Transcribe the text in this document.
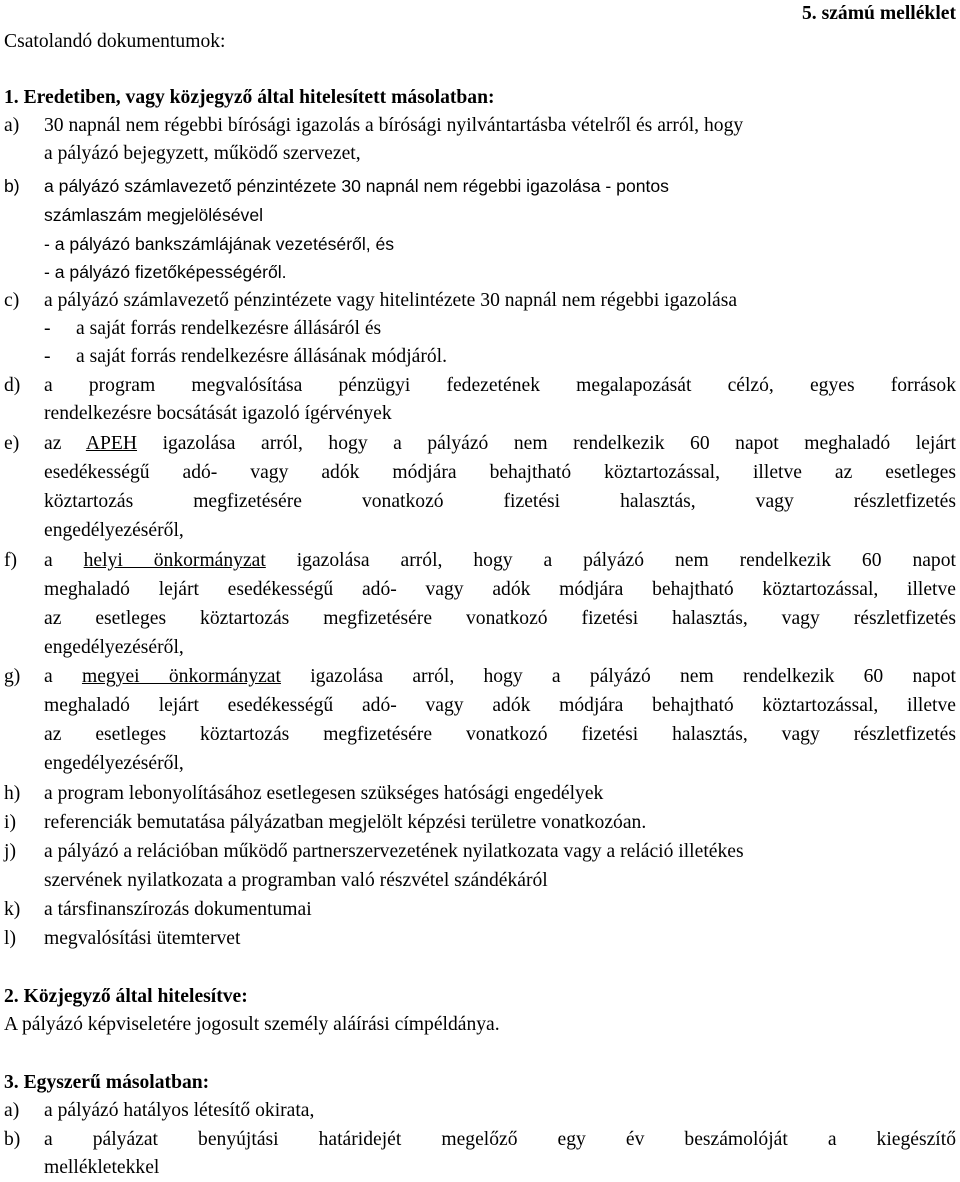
Csatolandó dokumentumok:
5. számú melléklet
1. Eredetiben, vagy közjegyző által hitelesített másolatban:
a) 30 napnál nem régebbi bírósági igazolás a bírósági nyilvántartásba vételről és arról, hogy
a pályázó bejegyzett, működő szervezet,
b) a pályázó számlavezető pénzintézete 30 napnál nem régebbi igazolása - pontos
számlaszám megjelölésével
- a pályázó bankszámlájának vezetéséről, és
- a pályázó fizetőképességéről.
c) a pályázó számlavezető pénzintézete vagy hitelintézete 30 napnál nem régebbi igazolása
- a saját forrás rendelkezésre állásáról és
- a saját forrás rendelkezésre állásának módjáról.
d)	a program megvalósítása pénzügyi fedezetének megalapozását célzó, egyes források
rendelkezésre bocsátását igazoló ígérvények
e)	az APEH igazolása arról, hogy a pályázó nem rendelkezik 60 napot meghaladó lejárt
esedékességű adó- vagy adók módjára behajtható köztartozással, illetve az esetleges
köztartozás megfizetésére vonatkozó fizetési halasztás, vagy részletfizetés
engedélyezéséről,
f)	a helyi önkormányzat igazolása arról, hogy a pályázó nem rendelkezik 60 napot
meghaladó lejárt esedékességű adó- vagy adók módjára behajtható köztartozással, illetve
az esetleges köztartozás megfizetésére vonatkozó fizetési halasztás, vagy részletfizetés
engedélyezéséről,
g)	a megyei önkormányzat igazolása arról, hogy a pályázó nem rendelkezik 60 napot
meghaladó lejárt esedékességű adó- vagy adók módjára behajtható köztartozással, illetve
az esetleges köztartozás megfizetésére vonatkozó fizetési halasztás, vagy részletfizetés
engedélyezéséről,
h) a program lebonyolításához esetlegesen szükséges hatósági engedélyek
i) referenciák bemutatása pályázatban megjelölt képzési területre vonatkozóan.
j) a pályázó a relációban működő partnerszervezetének nyilatkozata vagy a reláció illetékes
szervének nyilatkozata a programban való részvétel szándékáról
k) a társfinanszírozás dokumentumai
l) megvalósítási ütemtervet
2. Közjegyző által hitelesítve:
A pályázó képviseletére jogosult személy aláírási címpéldánya.
3. Egyszerű másolatban:
a) a pályázó hatályos létesítő okirata,
b)	a pályázat benyújtási határidejét megelőző egy év beszámolóját a kiegészítő
mellékletekkel
